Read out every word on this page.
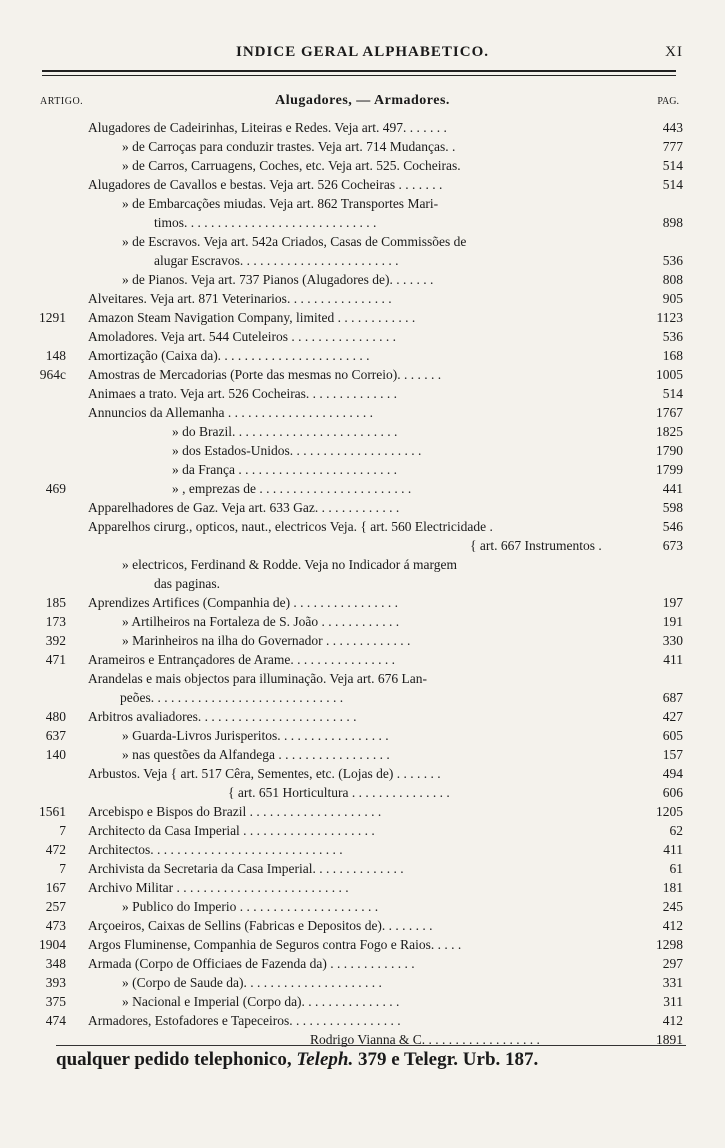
INDICE GERAL ALPHABETICO.	XI
ARTIGO.	Alugadores, — Armadores.	PAG.
Alugadores de Cadeirinhas, Liteiras e Redes. Veja art. 497. . . . . . .	443
» de Carroças para conduzir trastes. Veja art. 714 Mudanças. .	777
» de Carros, Carruagens, Coches, etc. Veja art. 525. Cocheiras.	514
Alugadores de Cavallos e bestas. Veja art. 526 Cocheiras . . . . . . .	514
» de Embarcações miudas. Veja art. 862 Transportes Mari-
timos. . . . . . . . . . . . . . . . . . . . . . . . . . . . .	898
» de Escravos. Veja art. 542a Criados, Casas de Commissões de
alugar Escravos. . . . . . . . . . . . . . . . . . . . . . . .	536
» de Pianos. Veja art. 737 Pianos (Alugadores de). . . . . . .	808
Alveitares. Veja art. 871 Veterinarios. . . . . . . . . . . . . . . .	905
1291 Amazon Steam Navigation Company, limited . . . . . . . . . . . .	1123
Amoladores. Veja art. 544 Cuteleiros . . . . . . . . . . . . . . . .	536
148 Amortização (Caixa da). . . . . . . . . . . . . . . . . . . . . . .	168
964c Amostras de Mercadorias (Porte das mesmas no Correio). . . . . . .	1005
Animaes a trato. Veja art. 526 Cocheiras. . . . . . . . . . . . . .	514
Annuncios da Allemanha . . . . . . . . . . . . . . . . . . . . . .	1767
» do Brazil. . . . . . . . . . . . . . . . . . . . . . . . .	1825
» dos Estados-Unidos. . . . . . . . . . . . . . . . . . . .	1790
» da França . . . . . . . . . . . . . . . . . . . . . . . .	1799
469	» , emprezas de . . . . . . . . . . . . . . . . . . . . . . .	441
Apparelhadores de Gaz. Veja art. 633 Gaz. . . . . . . . . . . . .	598
Apparelhos cirurg., opticos, naut., electricos Veja. { art. 560 Electricidade .	546
{ art. 667 Instrumentos .	673
» electricos, Ferdinand & Rodde. Veja no Indicador á margem
das paginas.
185 Aprendizes Artifices (Companhia de) . . . . . . . . . . . . . . . .	197
173	» Artilheiros na Fortaleza de S. João . . . . . . . . . . . .	191
392	» Marinheiros na ilha do Governador . . . . . . . . . . . . .	330
471 Arameiros e Entrançadores de Arame. . . . . . . . . . . . . . . .	411
Arandelas e mais objectos para illuminação. Veja art. 676 Lan-
peões. . . . . . . . . . . . . . . . . . . . . . . . . . . . .	687
480 Arbitros avaliadores. . . . . . . . . . . . . . . . . . . . . . . .	427
637	» Guarda-Livros Jurisperitos. . . . . . . . . . . . . . . . .	605
140	» nas questões da Alfandega . . . . . . . . . . . . . . . . .	157
Arbustos. Veja { art. 517 Cêra, Sementes, etc. (Lojas de) . . . . . . .	494
{ art. 651 Horticultura . . . . . . . . . . . . . . .	606
1561 Arcebispo e Bispos do Brazil . . . . . . . . . . . . . . . . . . . .	1205
7 Architecto da Casa Imperial . . . . . . . . . . . . . . . . . . . .	62
472 Architectos. . . . . . . . . . . . . . . . . . . . . . . . . . . . .	411
7 Archivista da Secretaria da Casa Imperial. . . . . . . . . . . . . .	61
167 Archivo Militar . . . . . . . . . . . . . . . . . . . . . . . . . .	181
257	» Publico do Imperio . . . . . . . . . . . . . . . . . . . . .	245
473 Arçoeiros, Caixas de Sellins (Fabricas e Depositos de). . . . . . . .	412
1904 Argos Fluminense, Companhia de Seguros contra Fogo e Raios. . . . .	1298
348 Armada (Corpo de Officiaes de Fazenda da) . . . . . . . . . . . . .	297
393	» (Corpo de Saude da). . . . . . . . . . . . . . . . . . . . .	331
375	» Nacional e Imperial (Corpo da). . . . . . . . . . . . . . .	311
474 Armadores, Estofadores e Tapeceiros. . . . . . . . . . . . . . . . .	412
Rodrigo Vianna & C. . . . . . . . . . . . . . . . . .	1891
qualquer pedido telephonico, Teleph. 379 e Telegr. Urb. 187.
